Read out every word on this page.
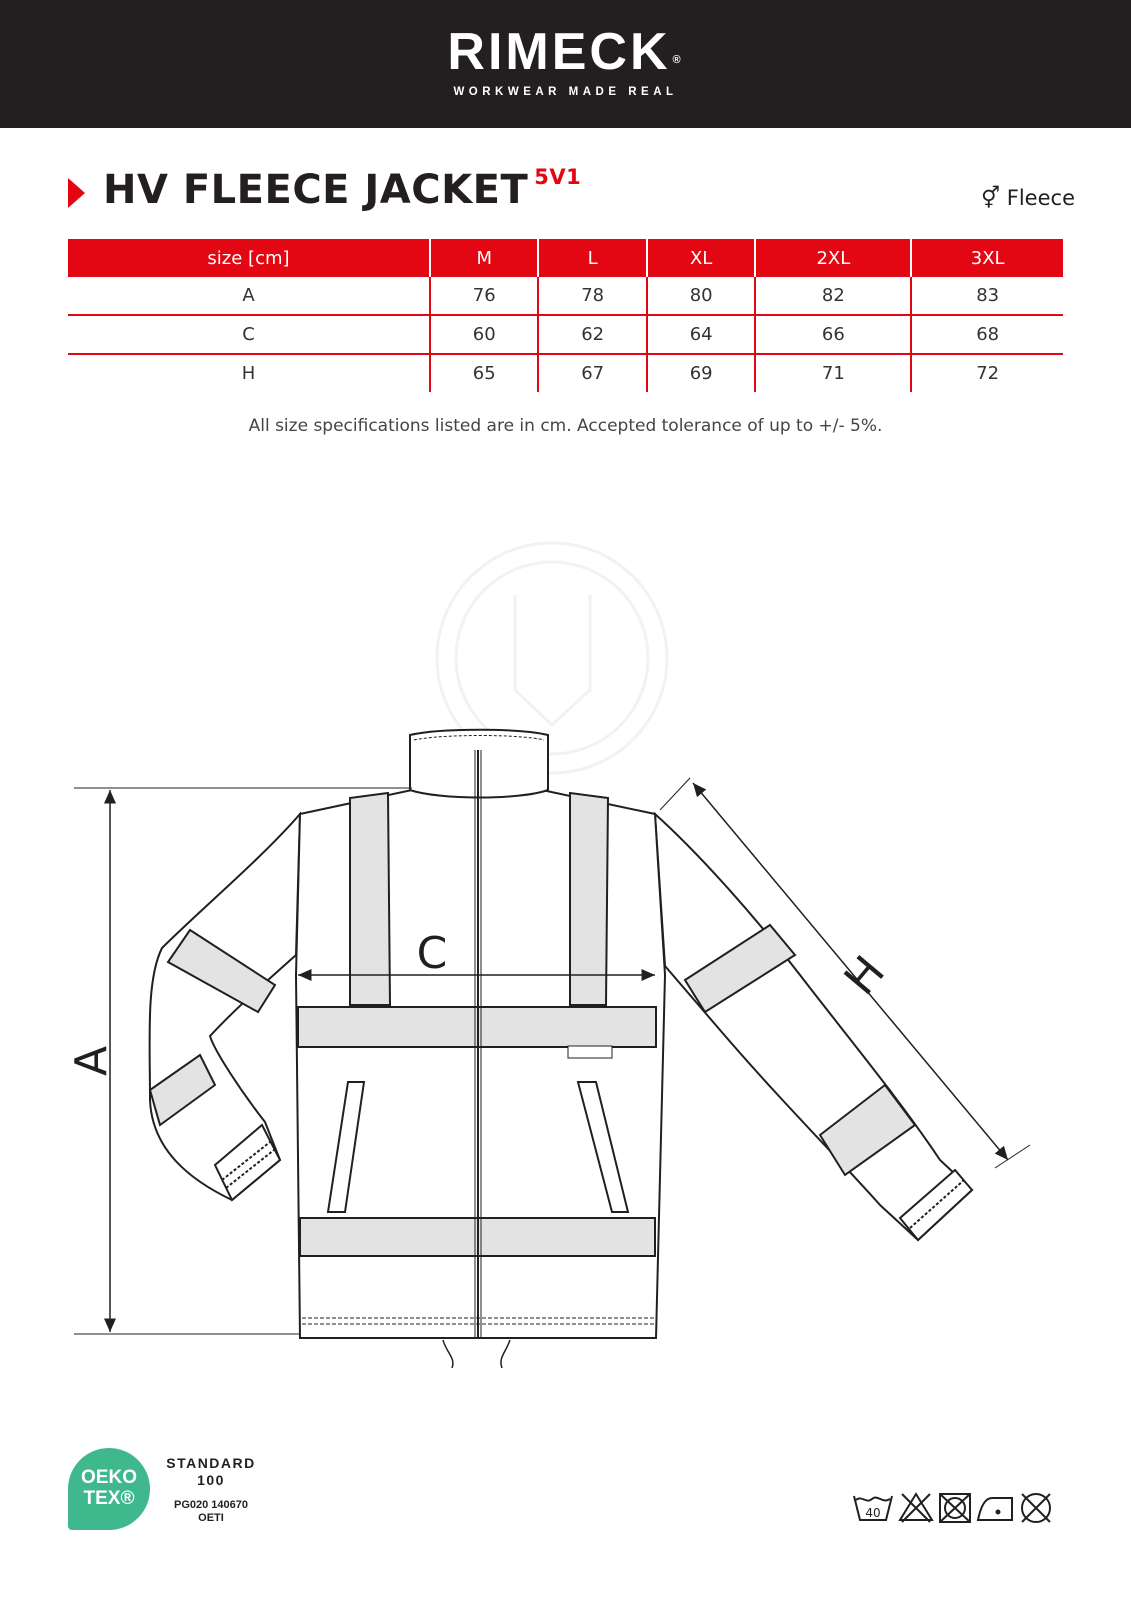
RIMECK ®
WORKWEAR MADE REAL
HV FLEECE JACKET $^{5V1}$
⚥ Fleece
size [cm]	M	L	XL	2XL	3XL
A	76	78	80	82	83
C	60	62	64	66	68
H	65	67	69	71	72
All size specifications listed are in cm. Accepted tolerance of up to +/- 5%.
A
C	H
OEKO
TEX®
STANDARD
100
PG020 140670
OETI	40
